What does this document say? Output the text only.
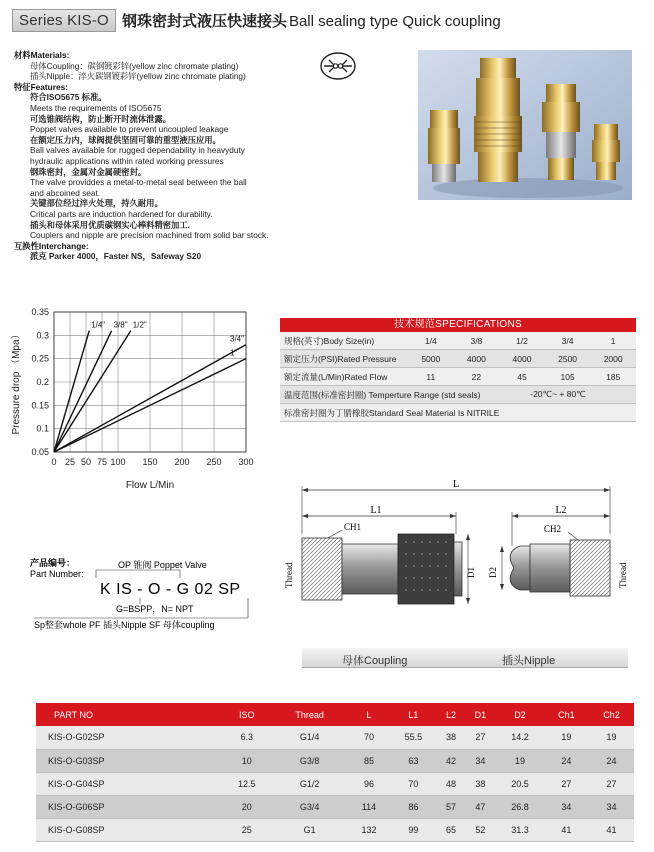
Series KIS-O 钢珠密封式液压快速接头 Ball sealing type Quick coupling
材料Materials:
母体Coupling：碳钢镀彩锌(yellow zinc chromate plating)
插头Nipple：淬火碳钢镀彩锌(yellow zinc chromate plating)
特征Features:
符合ISO5675 标准。
Meets the requirements of ISO5675
可选锥阀结构，防止断开时流体泄露。
Poppet valves available to prevent uncoupled leakage
在额定压力内，球阀提供坚固可靠的重型液压应用。
Ball valves available for rugged dependability in heavyduty
hydraulic applications within rated working pressures
钢珠密封，金属对金属硬密封。
The valve providdes a metal-to-metal seal between the ball
and abcoined seat.
关键部位经过淬火处理，持久耐用。
Critical parts are induction hardened for durability.
插头和母体采用优质碳钢实心棒料精密加工.
Couplers and nipple are precision machined from solid bar stock.
互换性Interchange:
派克 Parker 4000，Faster NS，Safeway S20
Pressure drop （Mpa）
Flow L/Min
0.05
0.1
0.15
0.2
0.25
0.3
0.35
0 25 50 75 100 150 200 250 300
1/4" 3/8" 1/2"
3/4"
1"
技术规范SPECIFICATIONS
规格(英寸)Body Size(in)	1/4	3/8	1/2	3/4	1
额定压力(PSI)Rated Pressure	5000	4000	4000	2500	2000
额定流量(L/Min)Rated Flow	11	22	45	105	185
温度范围(标准密封圈) Temperture Range (std seals)	-20℃~ + 80℃
标准密封圈为丁腈橡胶Standard Seal Material Is NITRILE
L
L1	L2
CH1
D1
Thread
CH2
D2	Thread
母体Coupling	插头Nipple
产品编号：
Part Number:
OP 锥阀 Poppet Valve
K IS - O - G 02 SP
G=BSPP，N= NPT
Sp整套whole PF 插头Nipple SF 母体coupling
PART NO	ISO	Thread	L	L1	L2	D1	D2	Ch1	Ch2
KIS-O-G02SP	6.3	G1/4	70	55.5	38	27	14.2	19	19
KIS-O-G03SP	10	G3/8	85	63	42	34	19	24	24
KIS-O-G04SP	12.5	G1/2	96	70	48	38	20.5	27	27
KIS-O-G06SP	20	G3/4	114	86	57	47	26.8	34	34
KIS-O-G08SP	25	G1	132	99	65	52	31.3	41	41
